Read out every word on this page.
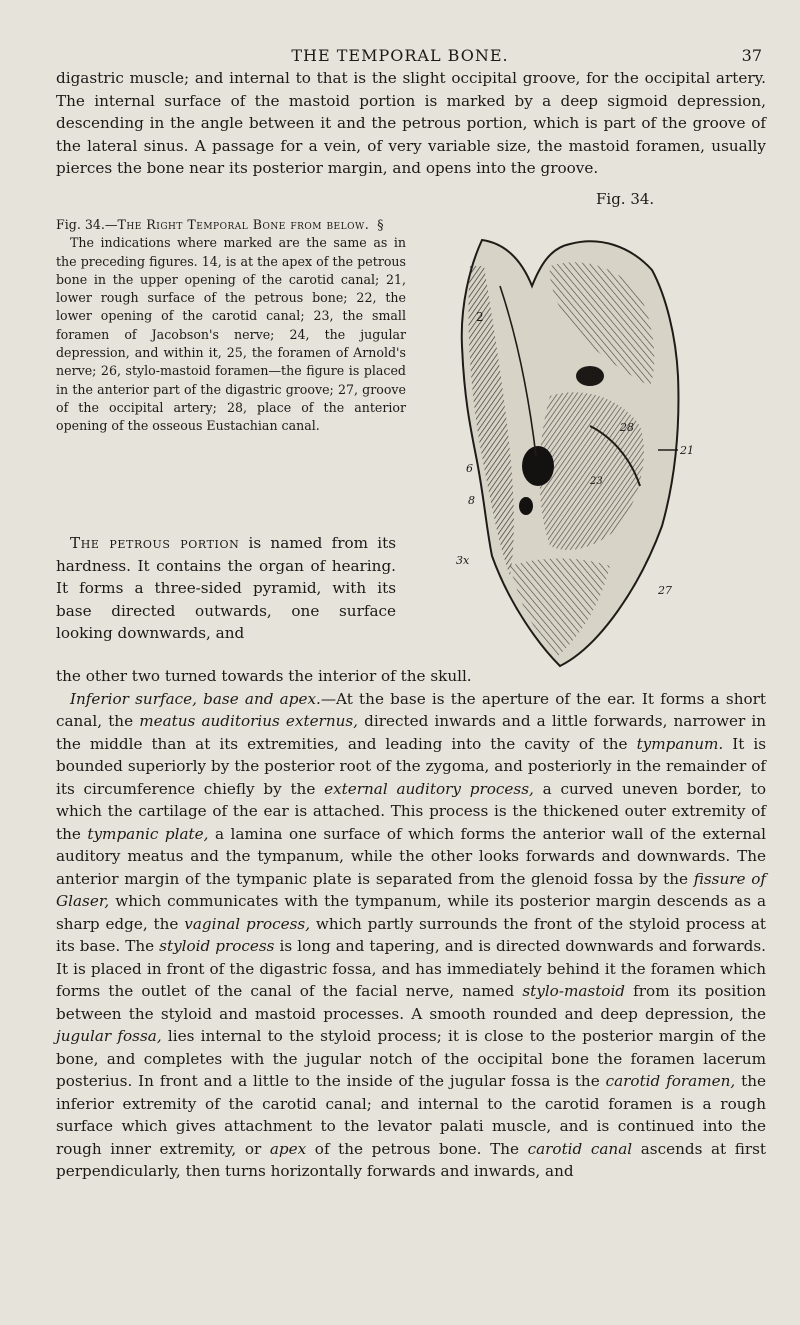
THE TEMPORAL BONE.	37
digastric muscle; and internal to that is the slight occipital groove, for the occipital artery. The internal surface of the mastoid portion is marked by a deep sigmoid depression, descending in the angle between it and the petrous portion, which is part of the groove of the lateral sinus. A passage for a vein, of very variable size, the mastoid foramen, usually pierces the bone near its posterior margin, and opens into the groove.
Fig. 34.
Fig. 34.—The Right Temporal Bone from below. §
The indications where marked are the same as in the preceding figures. 14, is at the apex of the petrous bone in the upper opening of the carotid canal; 21, lower rough surface of the petrous bone; 22, the lower opening of the carotid canal; 23, the small foramen of Jacobson's nerve; 24, the jugular depression, and within it, 25, the foramen of Arnold's nerve; 26, stylo-mastoid foramen—the figure is placed in the anterior part of the digastric groove; 27, groove of the occipital artery; 28, place of the anterior opening of the osseous Eustachian canal.
2
28
21
6
8
23
3x
27
The petrous portion is named from its hardness. It contains the organ of hearing. It forms a three-sided pyramid, with its base directed outwards, one surface looking downwards, and
the other two turned towards the interior of the skull.
Inferior surface, base and apex.—At the base is the aperture of the ear. It forms a short canal, the meatus auditorius externus, directed inwards and a little forwards, narrower in the middle than at its extremities, and leading into the cavity of the tympanum. It is bounded superiorly by the posterior root of the zygoma, and posteriorly in the remainder of its circumference chiefly by the external auditory process, a curved uneven border, to which the cartilage of the ear is attached. This process is the thickened outer extremity of the tympanic plate, a lamina one surface of which forms the anterior wall of the external auditory meatus and the tympanum, while the other looks forwards and downwards. The anterior margin of the tympanic plate is separated from the glenoid fossa by the fissure of Glaser, which communicates with the tympanum, while its posterior margin descends as a sharp edge, the vaginal process, which partly surrounds the front of the styloid process at its base. The styloid process is long and tapering, and is directed downwards and forwards. It is placed in front of the digastric fossa, and has immediately behind it the foramen which forms the outlet of the canal of the facial nerve, named stylo-mastoid from its position between the styloid and mastoid processes. A smooth rounded and deep depression, the jugular fossa, lies internal to the styloid process; it is close to the posterior margin of the bone, and completes with the jugular notch of the occipital bone the foramen lacerum posterius. In front and a little to the inside of the jugular fossa is the carotid foramen, the inferior extremity of the carotid canal; and internal to the carotid foramen is a rough surface which gives attachment to the levator palati muscle, and is continued into the rough inner extremity, or apex of the petrous bone. The carotid canal ascends at first perpendicularly, then turns horizontally forwards and inwards, and
